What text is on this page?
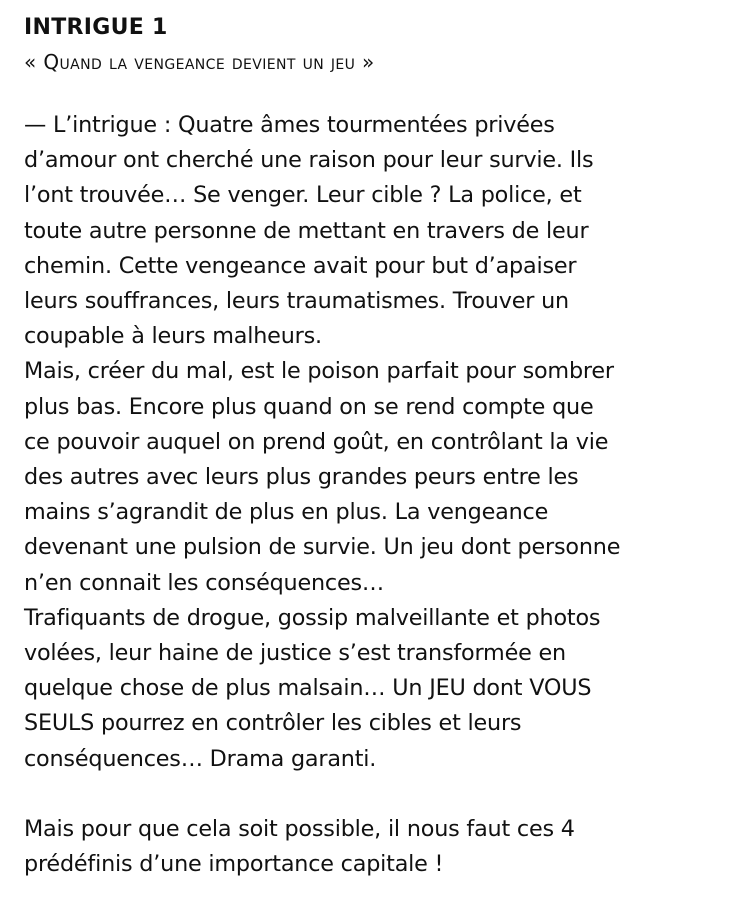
INTRIGUE 1

« Quand la vengeance devient un jeu »

— L’intrigue : Quatre âmes tourmentées privées
d’amour ont cherché une raison pour leur survie. Ils
l’ont trouvée… Se venger. Leur cible ? La police, et
toute autre personne de mettant en travers de leur
chemin. Cette vengeance avait pour but d’apaiser
leurs souffrances, leurs traumatismes. Trouver un
coupable à leurs malheurs.

Mais, créer du mal, est le poison parfait pour sombrer
plus bas. Encore plus quand on se rend compte que
ce pouvoir auquel on prend goût, en contrôlant la vie
des autres avec leurs plus grandes peurs entre les
mains s’agrandit de plus en plus. La vengeance
devenant une pulsion de survie. Un jeu dont personne
n’en connait les conséquences…

Trafiquants de drogue, gossip malveillante et photos
volées, leur haine de justice s’est transformée en
quelque chose de plus malsain… Un JEU dont VOUS
SEULS pourrez en contrôler les cibles et leurs
conséquences… Drama garanti.

Mais pour que cela soit possible, il nous faut ces 4
prédéfinis d’une importance capitale !
